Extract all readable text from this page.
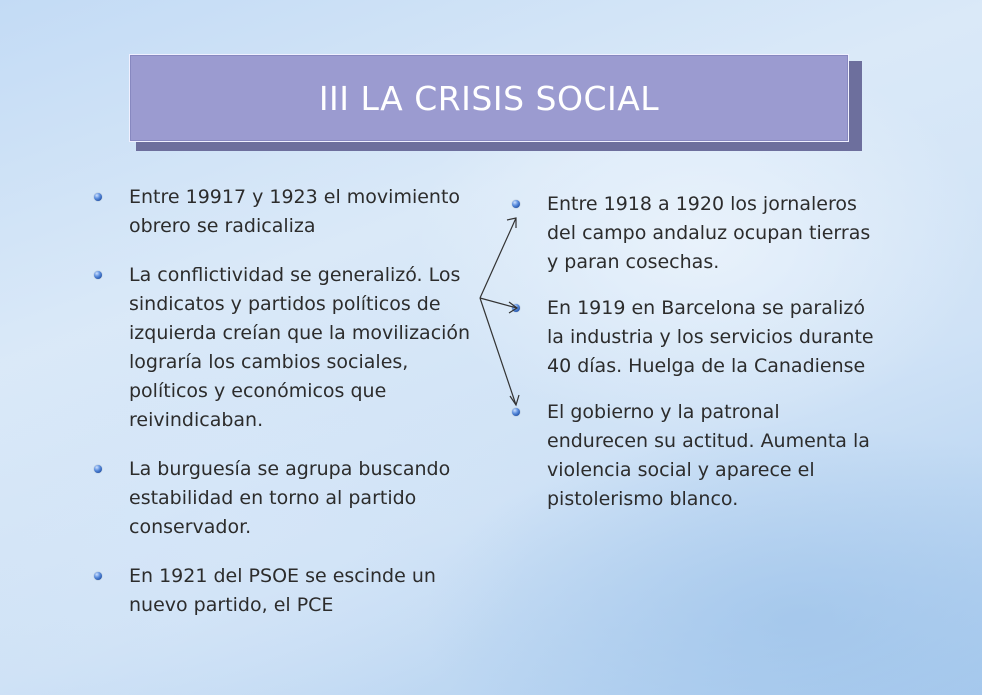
III LA CRISIS SOCIAL
Entre 19917 y 1923 el movimiento obrero se radicaliza
La conflictividad se generalizó. Los sindicatos y partidos políticos de izquierda creían que la movilización lograría los cambios sociales, políticos y económicos que reivindicaban.
La burguesía se agrupa buscando estabilidad en torno al partido conservador.
En 1921 del PSOE se escinde un nuevo partido, el PCE
Entre 1918 a 1920 los jornaleros del campo andaluz ocupan tierras y paran cosechas.
En 1919 en Barcelona se paralizó la industria y los servicios durante 40 días. Huelga de la Canadiense
El gobierno y la patronal endurecen su actitud. Aumenta la violencia social y aparece el pistolerismo blanco.
